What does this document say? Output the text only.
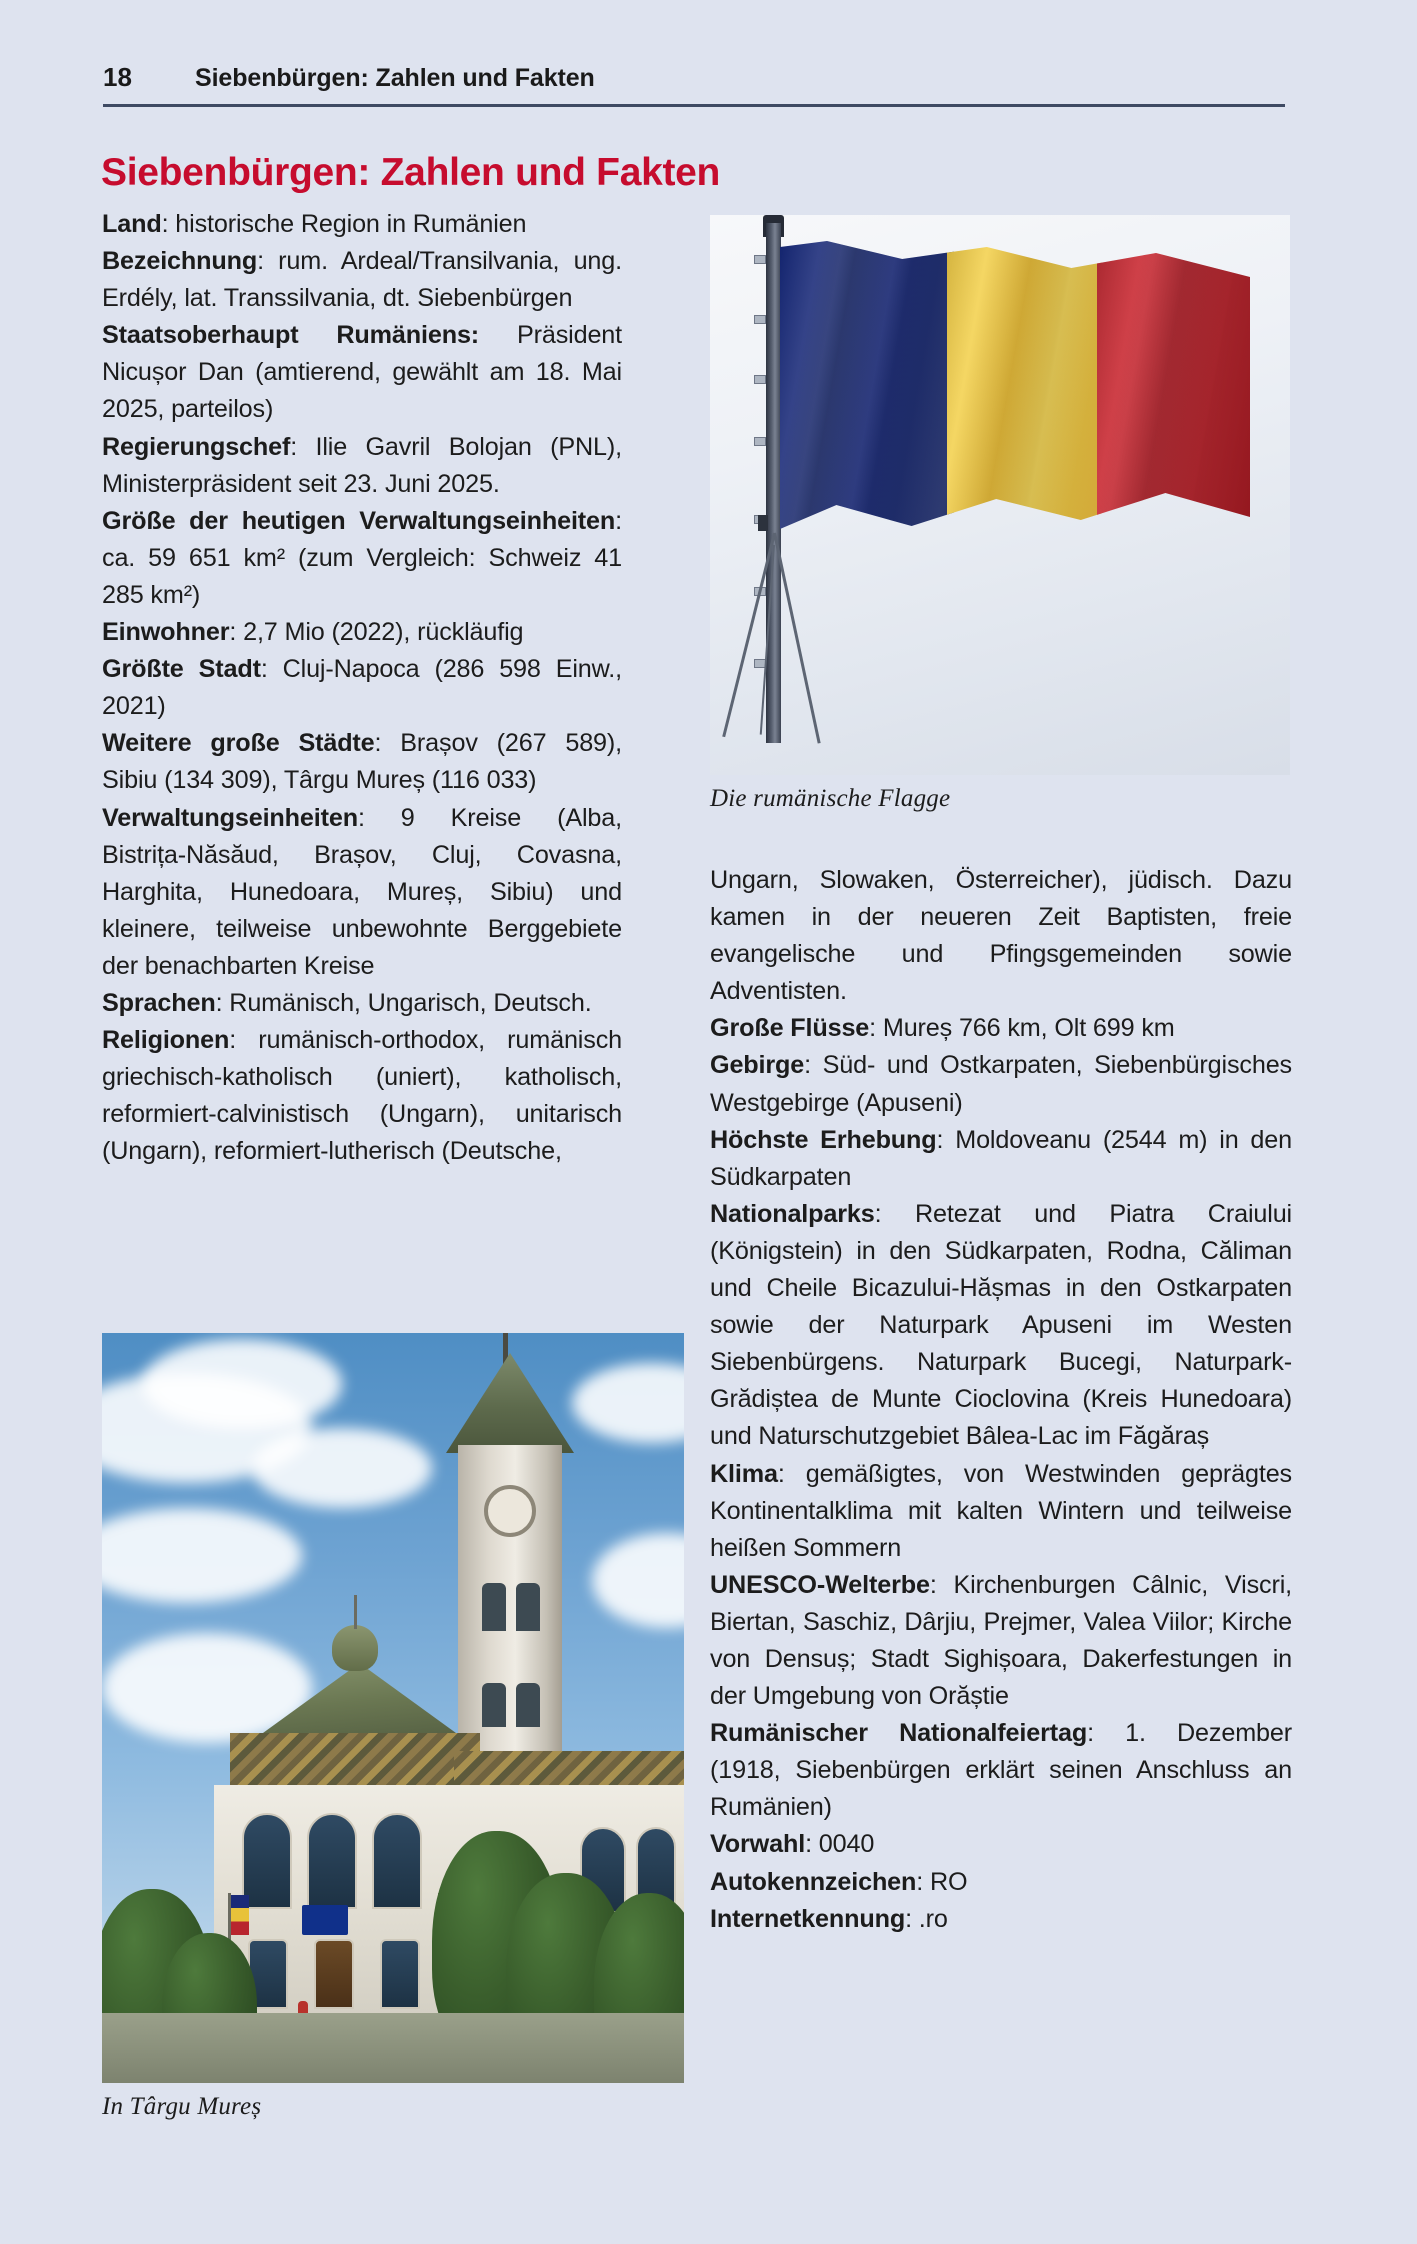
18	Siebenbürgen: Zahlen und Fakten
Siebenbürgen: Zahlen und Fakten
Die rumänische Flagge

Land: historische Region in Rumänien
Bezeichnung: rum. Ardeal/Transilvania, ung. Erdély, lat. Transsilvania, dt. Siebenbürgen
Staatsoberhaupt Rumäniens: Präsident Nicușor Dan (amtierend, gewählt am 18. Mai 2025, parteilos)
Regierungschef: Ilie Gavril Bolojan (PNL), Ministerpräsident seit 23. Juni 2025.
Größe der heutigen Verwaltungseinheiten: ca. 59 651 km² (zum Vergleich: Schweiz 41 285 km²)
Einwohner: 2,7 Mio (2022), rückläufig
Größte Stadt: Cluj-Napoca (286 598 Einw., 2021)
Weitere große Städte: Brașov (267 589), Sibiu (134 309), Târgu Mureș (116 033)
Verwaltungseinheiten: 9 Kreise (Alba, Bistrița-Năsăud, Brașov, Cluj, Covasna, Harghita, Hunedoara, Mureș, Sibiu) und kleinere, teilweise unbewohnte Berggebiete der benachbarten Kreise
Sprachen: Rumänisch, Ungarisch, Deutsch.
Religionen: rumänisch-orthodox, rumänisch griechisch-katholisch (uniert), katholisch, reformiert-calvinistisch (Ungarn), unitarisch (Ungarn), reformiert-lutherisch (Deutsche,

In Târgu Mureș

Ungarn, Slowaken, Österreicher), jüdisch. Dazu kamen in der neueren Zeit Baptisten, freie evangelische und Pfingsgemeinden sowie Adventisten.
Große Flüsse: Mureș 766 km, Olt 699 km
Gebirge: Süd- und Ostkarpaten, Siebenbürgisches Westgebirge (Apuseni)
Höchste Erhebung: Moldoveanu (2544 m) in den Südkarpaten
Nationalparks: Retezat und Piatra Craiului (Königstein) in den Südkarpaten, Rodna, Căliman und Cheile Bicazului-Hășmas in den Ostkarpaten sowie der Naturpark Apuseni im Westen Siebenbürgens. Naturpark Bucegi, Naturpark-Grădiștea de Munte Cioclovina (Kreis Hunedoara) und Naturschutzgebiet Bâlea-Lac im Făgăraș
Klima: gemäßigtes, von Westwinden geprägtes Kontinentalklima mit kalten Wintern und teilweise heißen Sommern
UNESCO-Welterbe: Kirchenburgen Câlnic, Viscri, Biertan, Saschiz, Dârjiu, Prejmer, Valea Viilor; Kirche von Densuș; Stadt Sighișoara, Dakerfestungen in der Umgebung von Orăștie
Rumänischer Nationalfeiertag: 1. Dezember (1918, Siebenbürgen erklärt seinen Anschluss an Rumänien)
Vorwahl: 0040
Autokennzeichen: RO
Internetkennung: .ro
